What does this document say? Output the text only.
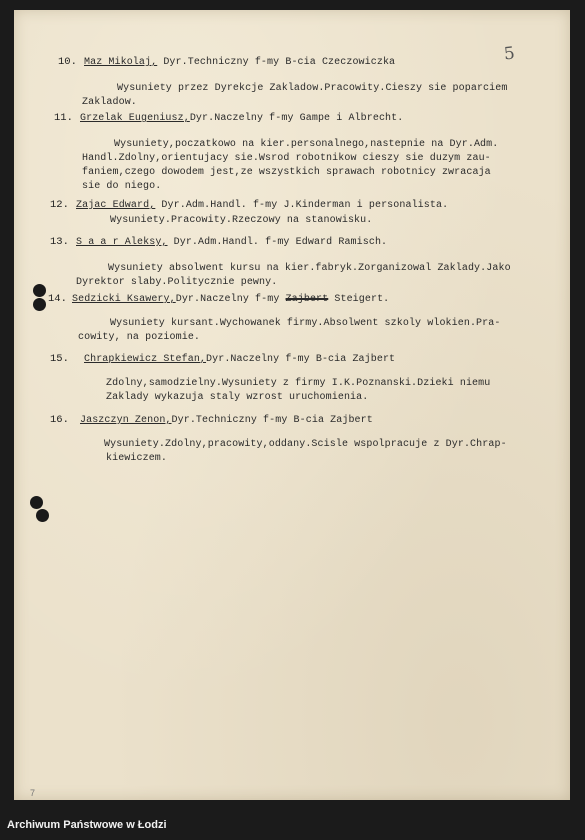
5
10. Maz Mikolaj, Dyr.Techniczny f-my B-cia Czeczowiczka
Wysuniety przez Dyrekcje Zakladow.Pracowity.Cieszy sie poparciem
Zakladow.
11. Grzelak Eugeniusz,Dyr.Naczelny f-my Gampe i Albrecht.
Wysuniety,poczatkowo na kier.personalnego,nastepnie na Dyr.Adm.
Handl.Zdolny,orientujacy sie.Wsrod robotnikow cieszy sie duzym zau-
faniem,czego dowodem jest,ze wszystkich sprawach robotnicy zwracaja
sie do niego.
12. Zajac Edward, Dyr.Adm.Handl. f-my J.Kinderman i personalista.
Wysuniety.Pracowity.Rzeczowy na stanowisku.
13. S a a r Aleksy, Dyr.Adm.Handl. f-my Edward Ramisch.
Wysuniety absolwent kursu na kier.fabryk.Zorganizowal Zaklady.Jako
Dyrektor slaby.Politycznie pewny.
14. Sedzicki Ksawery,Dyr.Naczelny f-my Zajbert Steigert.
Wysuniety kursant.Wychowanek firmy.Absolwent szkoly wlokien.Pra-
cowity, na poziomie.
15. Chrapkiewicz Stefan,Dyr.Naczelny f-my B-cia Zajbert
Zdolny,samodzielny.Wysuniety z firmy I.K.Poznanski.Dzieki niemu
Zaklady wykazuja staly wzrost uruchomienia.
16. Jaszczyn Zenon,Dyr.Techniczny f-my B-cia Zajbert
Wysuniety.Zdolny,pracowity,oddany.Scisle wspolpracuje z Dyr.Chrap-
kiewiczem.
7
Archiwum Państwowe w Łodzi
